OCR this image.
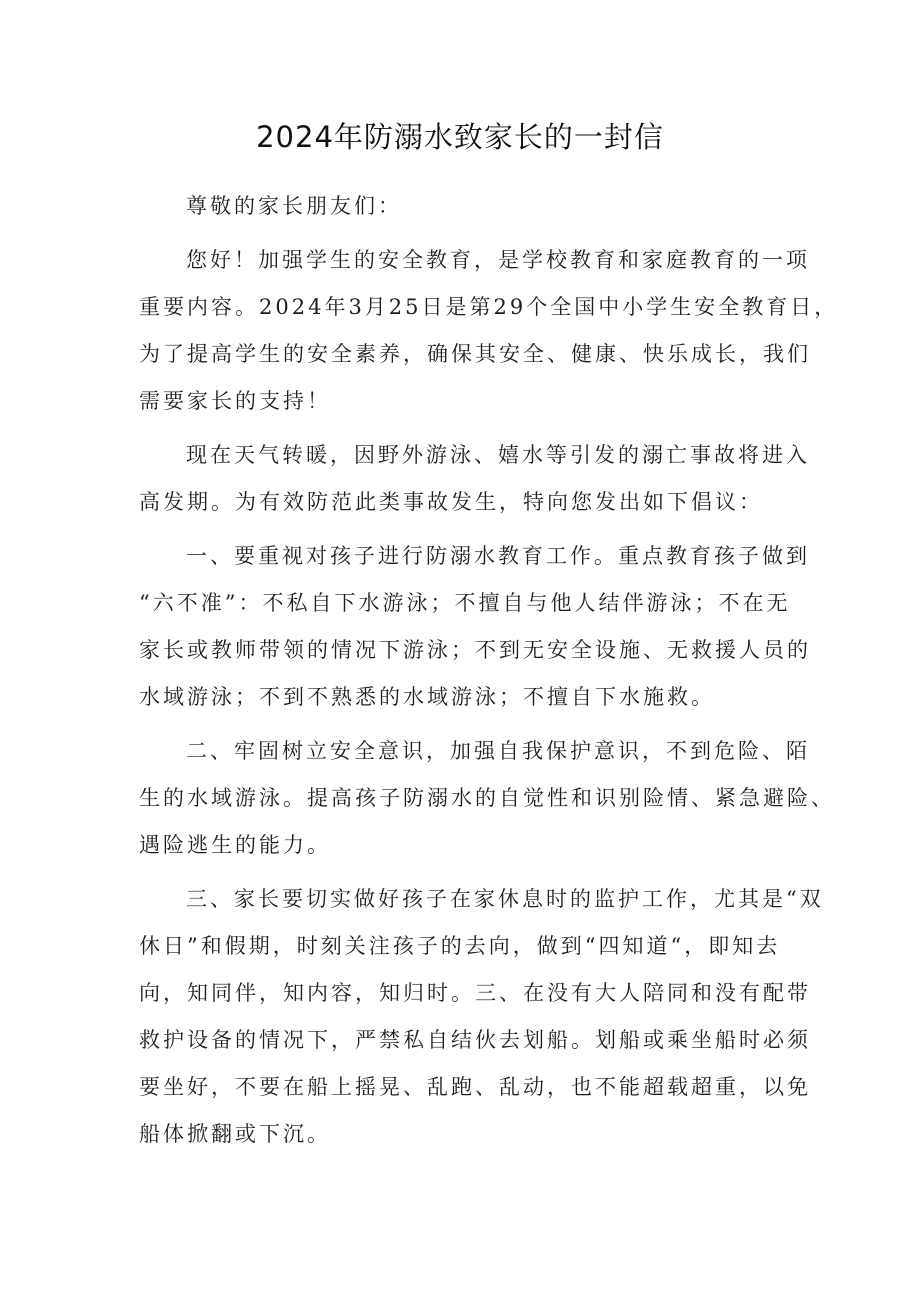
2024年防溺水致家长的一封信
尊敬的家长朋友们：
您好！加强学生的安全教育，是学校教育和家庭教育的一项
重要内容。2024年3月25日是第29个全国中小学生安全教育日，
为了提高学生的安全素养，确保其安全、健康、快乐成长，我们
需要家长的支持！
现在天气转暖，因野外游泳、嬉水等引发的溺亡事故将进入
高发期。为有效防范此类事故发生，特向您发出如下倡议：
一、要重视对孩子进行防溺水教育工作。重点教育孩子做到
“六不准”：不私自下水游泳；不擅自与他人结伴游泳；不在无
家长或教师带领的情况下游泳；不到无安全设施、无救援人员的
水域游泳；不到不熟悉的水域游泳；不擅自下水施救。
二、牢固树立安全意识，加强自我保护意识，不到危险、陌
生的水域游泳。提高孩子防溺水的自觉性和识别险情、紧急避险、
遇险逃生的能力。
三、家长要切实做好孩子在家休息时的监护工作，尤其是“双
休日”和假期，时刻关注孩子的去向，做到“四知道“，即知去
向，知同伴，知内容，知归时。三、在没有大人陪同和没有配带
救护设备的情况下，严禁私自结伙去划船。划船或乘坐船时必须
要坐好，不要在船上摇晃、乱跑、乱动，也不能超载超重，以免
船体掀翻或下沉。
